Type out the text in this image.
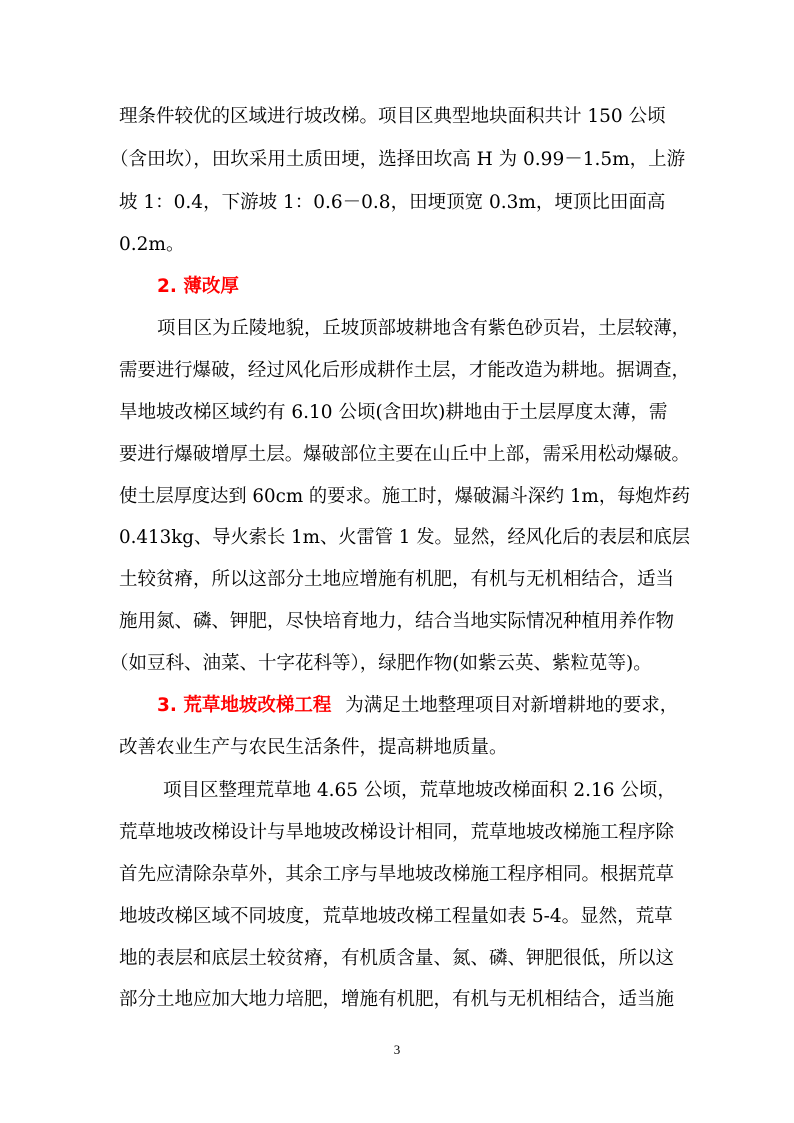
理条件较优的区域进行坡改梯。项目区典型地块面积共计 150 公顷
（含田坎），田坎采用土质田埂，选择田坎高 H 为 0.99－1.5m，上游
坡 1：0.4，下游坡 1：0.6－0.8，田埂顶宽 0.3m，埂顶比田面高
0.2m。
2. 薄改厚
项目区为丘陵地貌，丘坡顶部坡耕地含有紫色砂页岩，土层较薄，
需要进行爆破，经过风化后形成耕作土层，才能改造为耕地。据调查，
旱地坡改梯区域约有 6.10 公顷(含田坎)耕地由于土层厚度太薄，需
要进行爆破增厚土层。爆破部位主要在山丘中上部，需采用松动爆破。
使土层厚度达到 60cm 的要求。施工时，爆破漏斗深约 1m，每炮炸药
0.413kg、导火索长 1m、火雷管 1 发。显然，经风化后的表层和底层
土较贫瘠，所以这部分土地应增施有机肥，有机与无机相结合，适当
施用氮、磷、钾肥，尽快培育地力，结合当地实际情况种植用养作物
（如豆科、油菜、十字花科等），绿肥作物(如紫云英、紫粒苋等)。
3. 荒草地坡改梯工程 为满足土地整理项目对新增耕地的要求，
改善农业生产与农民生活条件，提高耕地质量。
项目区整理荒草地 4.65 公顷，荒草地坡改梯面积 2.16 公顷，
荒草地坡改梯设计与旱地坡改梯设计相同，荒草地坡改梯施工程序除
首先应清除杂草外，其余工序与旱地坡改梯施工程序相同。根据荒草
地坡改梯区域不同坡度，荒草地坡改梯工程量如表 5-4。显然，荒草
地的表层和底层土较贫瘠，有机质含量、氮、磷、钾肥很低，所以这
部分土地应加大地力培肥，增施有机肥，有机与无机相结合，适当施
3
